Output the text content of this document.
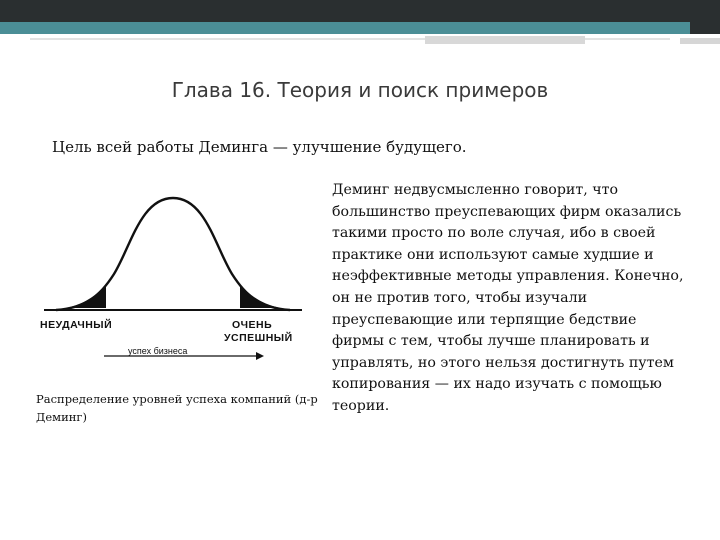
Глава 16. Теория и поиск примеров
Цель всей работы Деминга — улучшение будущего.
НЕУДАЧНЫЙ	ОЧЕНЬ
УСПЕШНЫЙ
успех бизнеса
Распределение уровней успеха компаний (д-р Деминг)
Деминг недвусмысленно говорит, что большинство преуспевающих фирм оказались такими просто по воле случая, ибо в своей практике они используют самые худшие и неэффективные методы управления. Конечно, он не против того, чтобы изучали преуспевающие или терпящие бедствие фирмы с тем, чтобы лучше планировать и управлять, но этого нельзя достигнуть путем копирования — их надо изучать с помощью теории.
